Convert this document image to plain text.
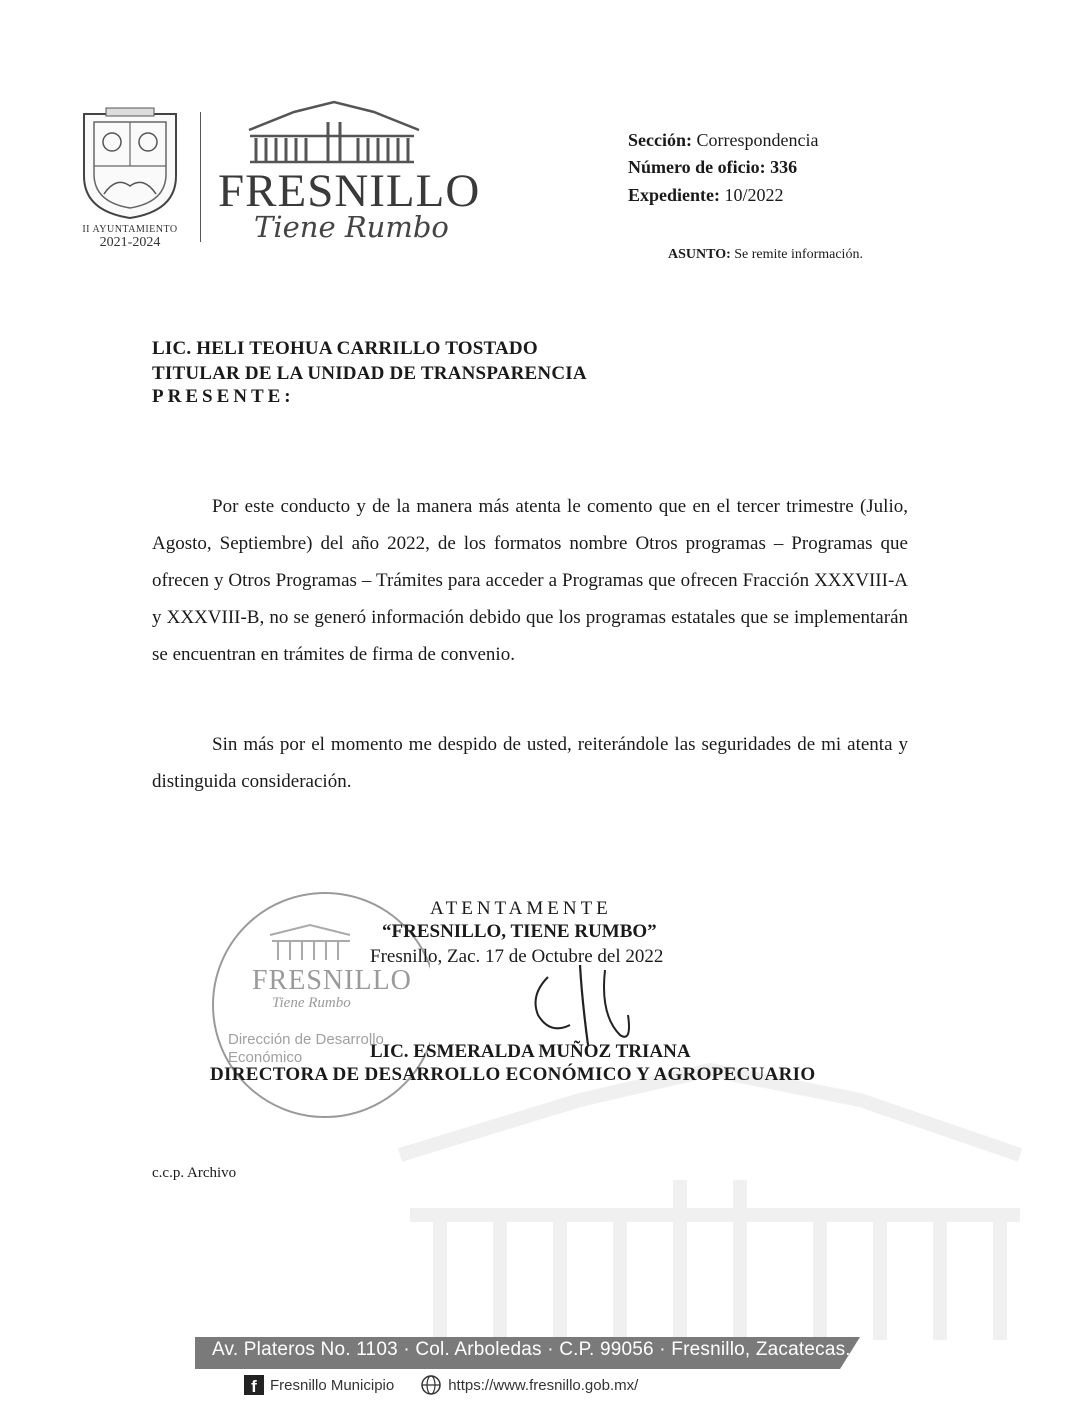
II AYUNTAMIENTO
2021-2024
FRESNILLO
Tiene Rumbo
Sección: Correspondencia
Número de oficio: 336
Expediente: 10/2022
ASUNTO: Se remite información.
LIC. HELI TEOHUA CARRILLO TOSTADO
TITULAR DE LA UNIDAD DE TRANSPARENCIA
PRESENTE:
Por este conducto y de la manera más atenta le comento que en el tercer trimestre (Julio, Agosto, Septiembre) del año 2022, de los formatos nombre Otros programas – Programas que ofrecen y Otros Programas – Trámites para acceder a Programas que ofrecen Fracción XXXVIII-A y XXXVIII-B, no se generó información debido que los programas estatales que se implementarán se encuentran en trámites de firma de convenio.
Sin más por el momento me despido de usted, reiterándole las seguridades de mi atenta y distinguida consideración.
FRESNILLO
Tiene Rumbo
Dirección de Desarrollo Económico
ATENTAMENTE
“FRESNILLO, TIENE RUMBO”
Fresnillo, Zac. 17 de Octubre del 2022
LIC. ESMERALDA MUÑOZ TRIANA
DIRECTORA DE DESARROLLO ECONÓMICO Y AGROPECUARIO
c.c.p. Archivo
Av. Plateros No. 1103 · Col. Arboledas · C.P. 99056 · Fresnillo, Zacatecas.
f Fresnillo Municipio	https://www.fresnillo.gob.mx/
